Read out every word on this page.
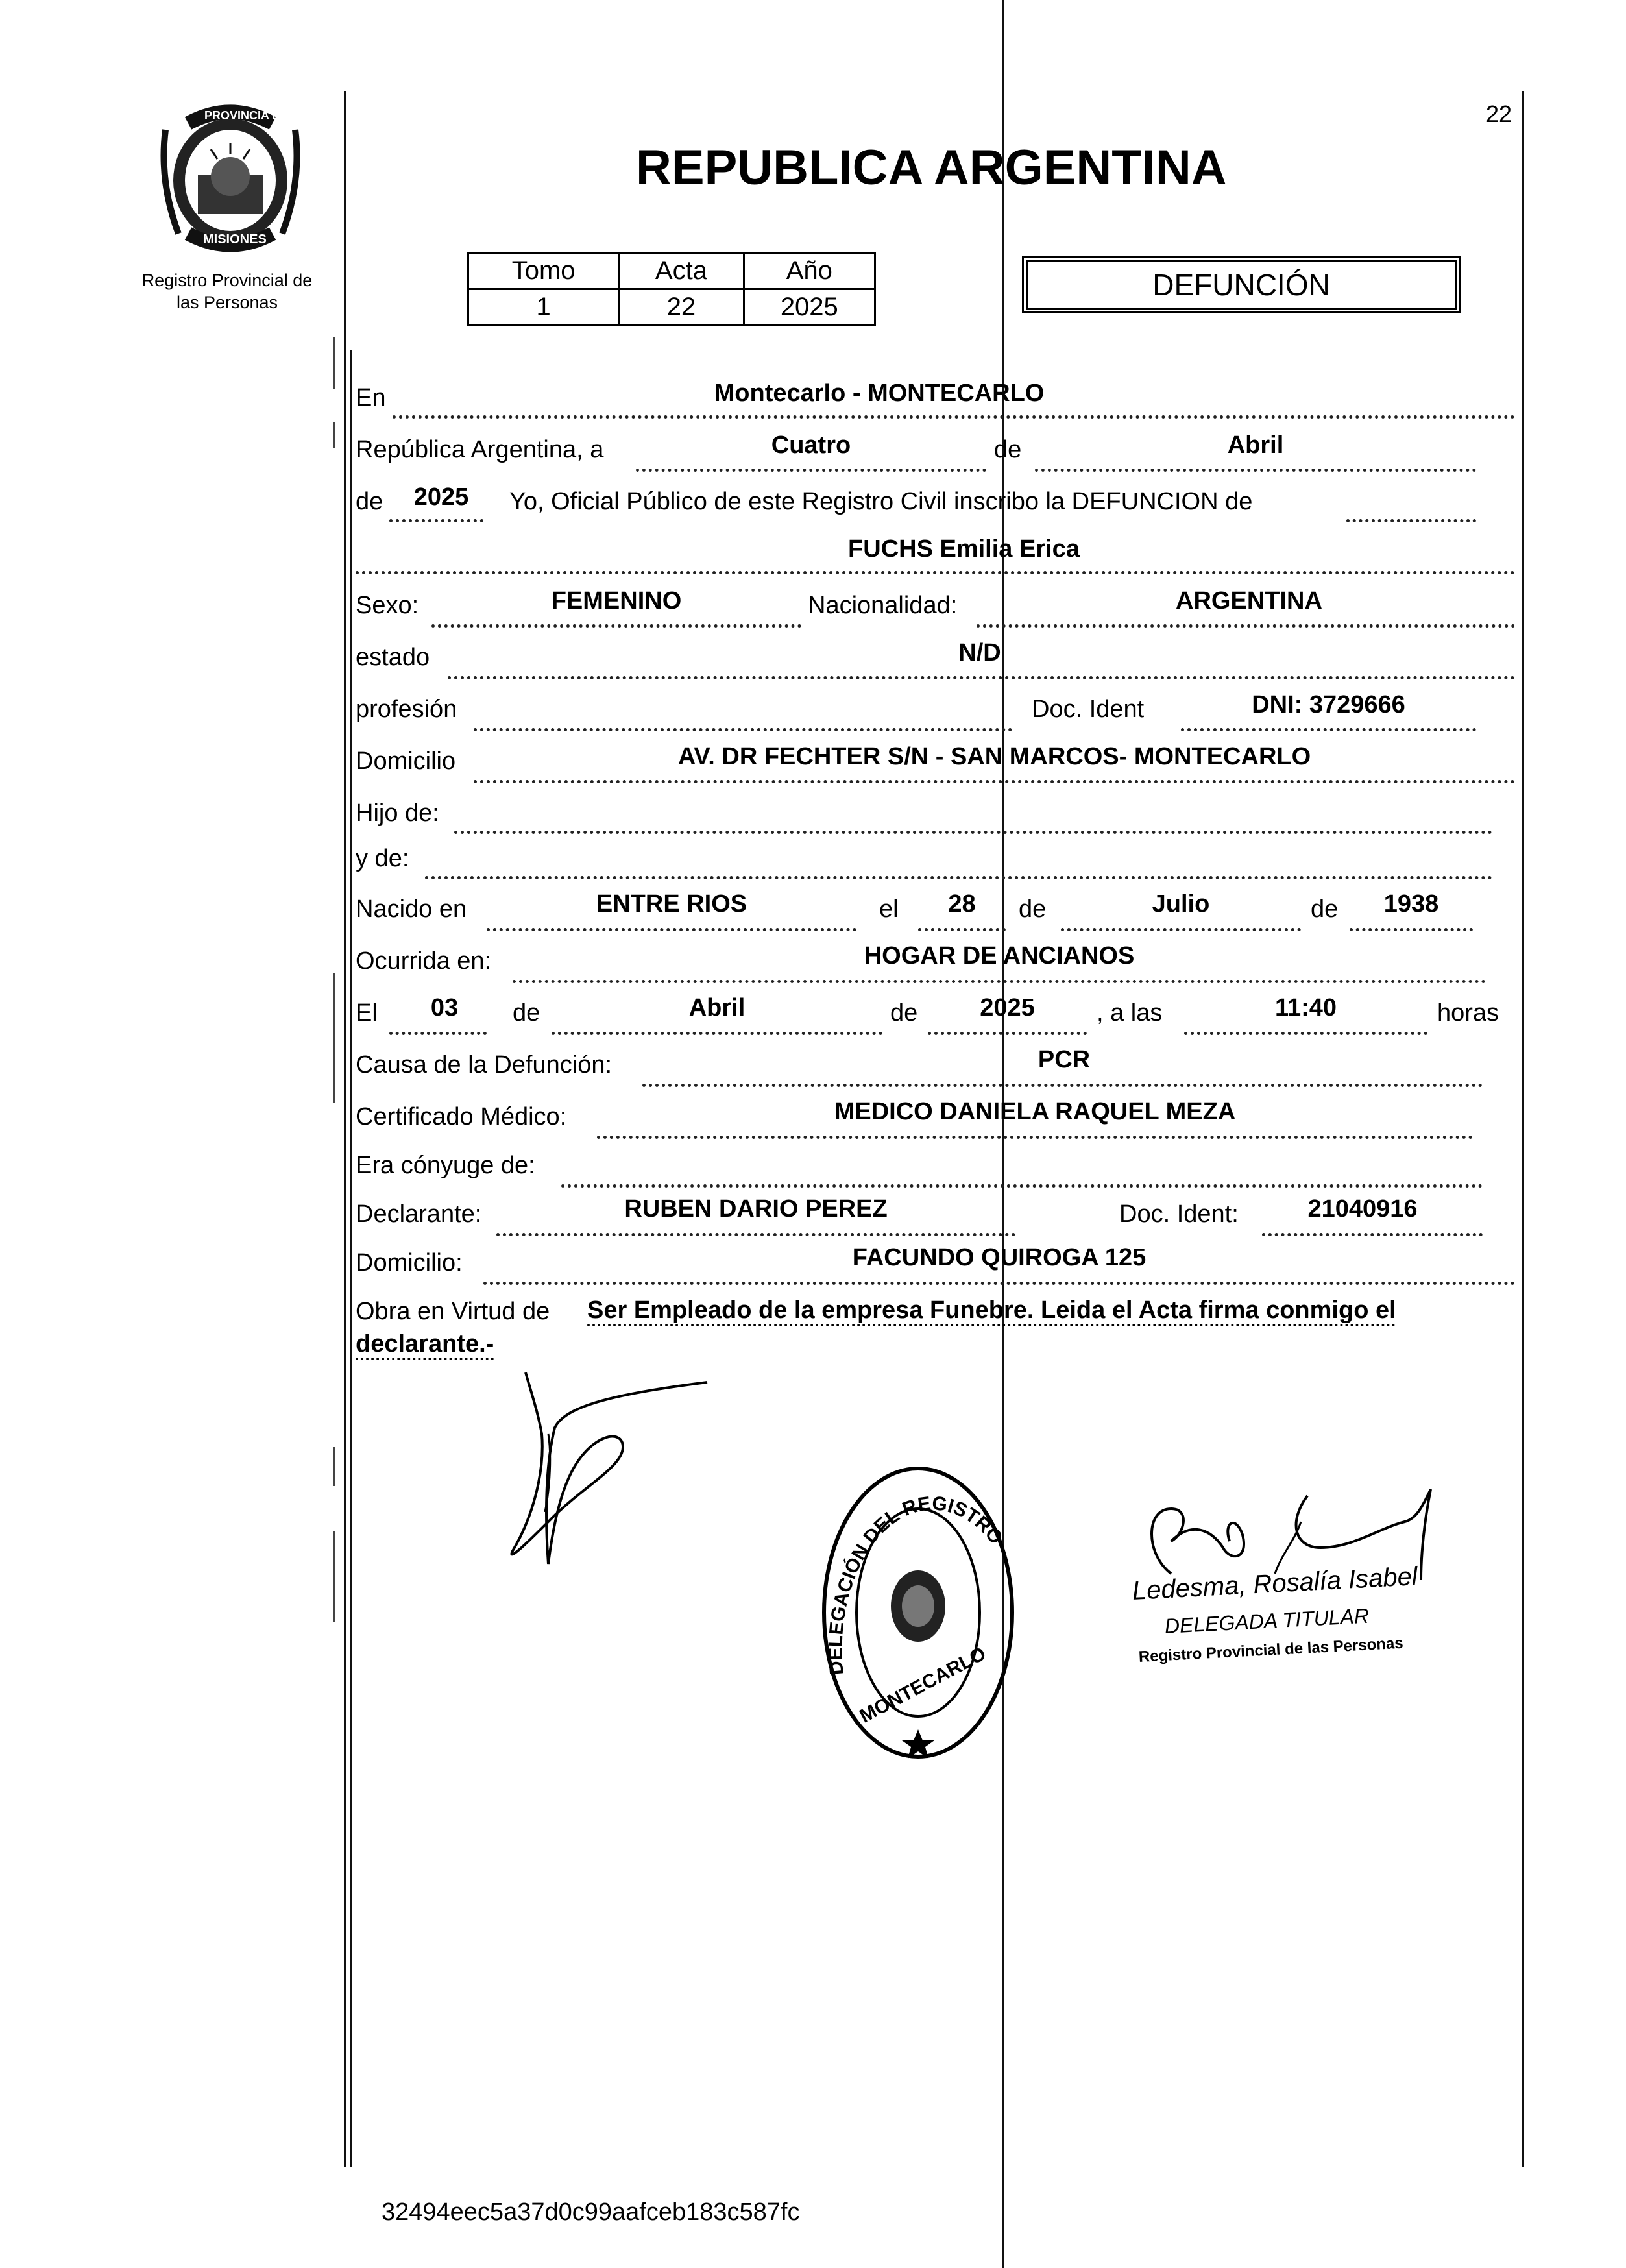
PROVINCIA DE
MISIONES
Registro Provincial de
las Personas
22
REPUBLICA ARGENTINA
Tomo	Acta	Año
1	22	2025
DEFUNCIÓN
En	Montecarlo - MONTECARLO
República Argentina, a	Cuatro	de	Abril
de	2025	Yo, Oficial Público de este Registro Civil inscribo la DEFUNCION de
FUCHS Emilia Erica
Sexo:	FEMENINO	Nacionalidad:	ARGENTINA
estado	N/D
profesión	Doc. Ident	DNI: 3729666
Domicilio	AV. DR FECHTER S/N - SAN MARCOS- MONTECARLO
Hijo de:
y de:
Nacido en	ENTRE RIOS	el	28	de	Julio	de	1938
Ocurrida en:	HOGAR DE ANCIANOS
El	03	de	Abril	de	2025	, a las	11:40	horas
Causa de la Defunción:	PCR
Certificado Médico:	MEDICO DANIELA RAQUEL MEZA
Era cónyuge de:
Declarante:	RUBEN DARIO PEREZ	Doc. Ident:	21040916
Domicilio:	FACUNDO QUIROGA 125
Obra en Virtud de Ser Empleado de la empresa Funebre. Leida el Acta firma conmigo el
declarante.-
DELEGACIÓN DEL REGISTRO
MONTECARLO
Ledesma, Rosalía Isabel
DELEGADA TITULAR
Registro Provincial de las Personas
32494eec5a37d0c99aafceb183c587fc
